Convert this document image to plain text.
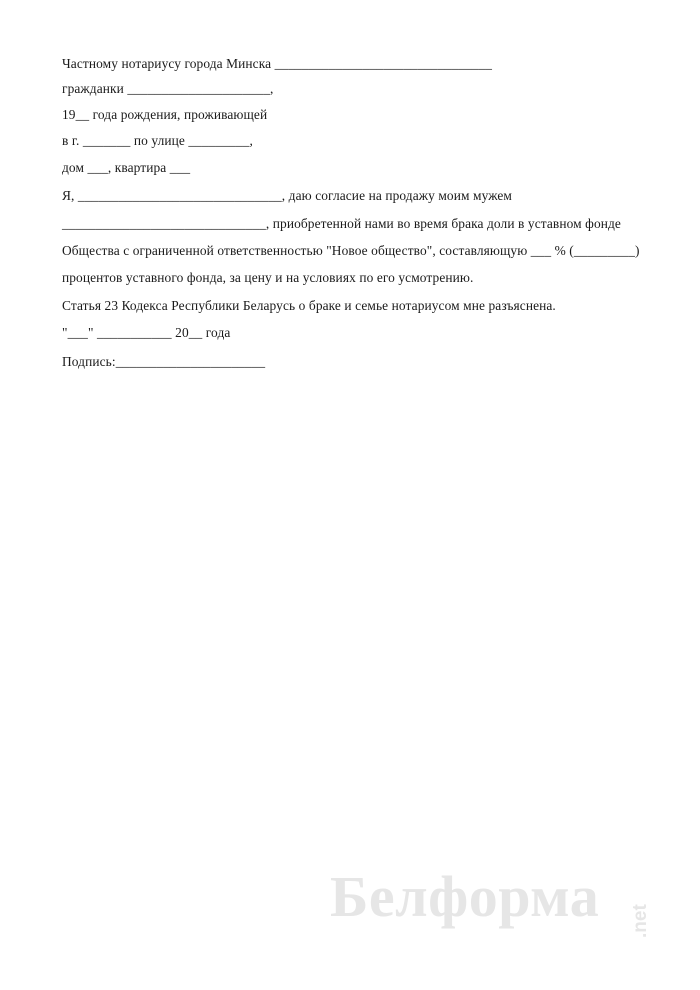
Частному нотариусу города Минска ________________________________
гражданки _____________________,
19__ года рождения, проживающей
в г. _______ по улице _________,
дом ___, квартира ___
Я, ______________________________, даю согласие на продажу моим мужем
______________________________, приобретенной нами во время брака доли в уставном фонде
Общества с ограниченной ответственностью "Новое общество", составляющую ___ % (_________)
процентов уставного фонда, за цену и на условиях по его усмотрению.
Статья 23 Кодекса Республики Беларусь о браке и семье нотариусом мне разъяснена.
"___" ___________ 20__ года
Подпись:______________________
Белформа .net
